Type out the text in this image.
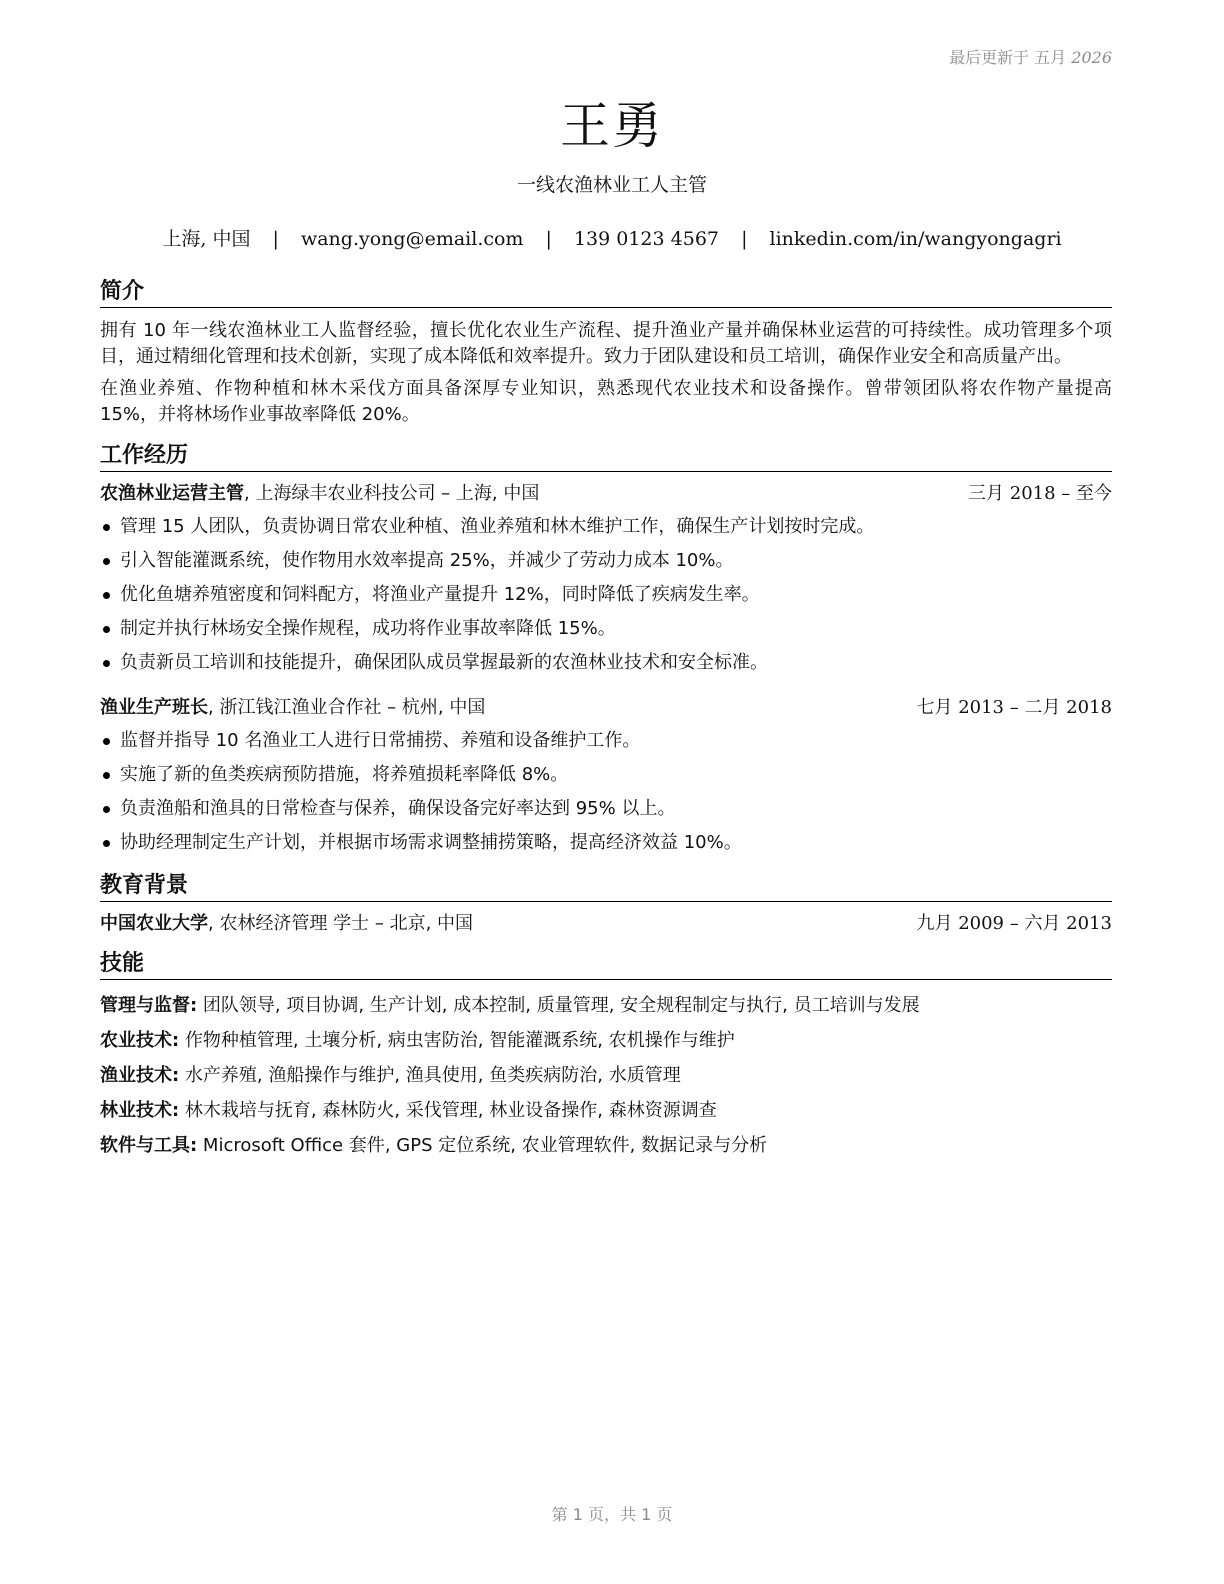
最后更新于 五月 2026
王勇
一线农渔林业工人主管
上海, 中国 | wang.yong@email.com | 139 0123 4567 | linkedin.com/in/wangyongagri
简介

拥有 10 年一线农渔林业工人监督经验，擅长优化农业生产流程、提升渔业产量并确保林业运营的可持续性。成功管理多个项目，通过精细化管理和技术创新，实现了成本降低和效率提升。致力于团队建设和员工培训，确保作业安全和高质量产出。

在渔业养殖、作物种植和林木采伐方面具备深厚专业知识，熟悉现代农业技术和设备操作。曾带领团队将农作物产量提高 15%，并将林场作业事故率降低 20%。

工作经历
农渔林业运营主管, 上海绿丰农业科技公司 – 上海, 中国	三月 2018 – 至今
管理 15 人团队，负责协调日常农业种植、渔业养殖和林木维护工作，确保生产计划按时完成。
引入智能灌溉系统，使作物用水效率提高 25%，并减少了劳动力成本 10%。
优化鱼塘养殖密度和饲料配方，将渔业产量提升 12%，同时降低了疾病发生率。
制定并执行林场安全操作规程，成功将作业事故率降低 15%。
负责新员工培训和技能提升，确保团队成员掌握最新的农渔林业技术和安全标准。
渔业生产班长, 浙江钱江渔业合作社 – 杭州, 中国	七月 2013 – 二月 2018
监督并指导 10 名渔业工人进行日常捕捞、养殖和设备维护工作。
实施了新的鱼类疾病预防措施，将养殖损耗率降低 8%。
负责渔船和渔具的日常检查与保养，确保设备完好率达到 95% 以上。
协助经理制定生产计划，并根据市场需求调整捕捞策略，提高经济效益 10%。
教育背景
中国农业大学, 农林经济管理 学士 – 北京, 中国	九月 2009 – 六月 2013
技能
管理与监督: 团队领导, 项目协调, 生产计划, 成本控制, 质量管理, 安全规程制定与执行, 员工培训与发展
农业技术: 作物种植管理, 土壤分析, 病虫害防治, 智能灌溉系统, 农机操作与维护
渔业技术: 水产养殖, 渔船操作与维护, 渔具使用, 鱼类疾病防治, 水质管理
林业技术: 林木栽培与抚育, 森林防火, 采伐管理, 林业设备操作, 森林资源调查
软件与工具: Microsoft Office 套件, GPS 定位系统, 农业管理软件, 数据记录与分析
第 1 页，共 1 页
